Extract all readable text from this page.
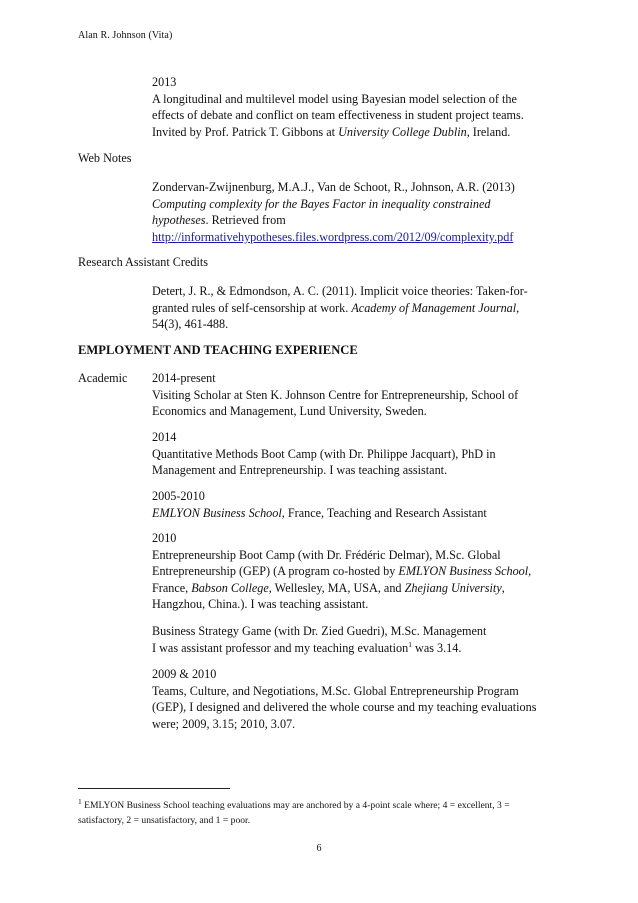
Alan R. Johnson (Vita)
2013
A longitudinal and multilevel model using Bayesian model selection of the
effects of debate and conflict on team effectiveness in student project teams.
Invited by Prof. Patrick T. Gibbons at University College Dublin, Ireland.
Web Notes
Zondervan-Zwijnenburg, M.A.J., Van de Schoot, R., Johnson, A.R. (2013)
Computing complexity for the Bayes Factor in inequality constrained
hypotheses. Retrieved from
http://informativehypotheses.files.wordpress.com/2012/09/complexity.pdf
Research Assistant Credits
Detert, J. R., & Edmondson, A. C. (2011). Implicit voice theories: Taken-for-
granted rules of self-censorship at work. Academy of Management Journal,
54(3), 461-488.
EMPLOYMENT AND TEACHING EXPERIENCE
Academic 2014-present
Visiting Scholar at Sten K. Johnson Centre for Entrepreneurship, School of
Economics and Management, Lund University, Sweden.
2014
Quantitative Methods Boot Camp (with Dr. Philippe Jacquart), PhD in
Management and Entrepreneurship. I was teaching assistant.
2005-2010
EMLYON Business School, France, Teaching and Research Assistant
2010
Entrepreneurship Boot Camp (with Dr. Frédéric Delmar), M.Sc. Global
Entrepreneurship (GEP) (A program co-hosted by EMLYON Business School,
France, Babson College, Wellesley, MA, USA, and Zhejiang University,
Hangzhou, China.). I was teaching assistant.
Business Strategy Game (with Dr. Zied Guedri), M.Sc. Management
I was assistant professor and my teaching evaluation$^1$ was 3.14.
2009 & 2010
Teams, Culture, and Negotiations, M.Sc. Global Entrepreneurship Program
(GEP), I designed and delivered the whole course and my teaching evaluations
were; 2009, 3.15; 2010, 3.07.
$^1$ EMLYON Business School teaching evaluations may are anchored by a 4-point scale where; 4 = excellent, 3 =
satisfactory, 2 = unsatisfactory, and 1 = poor.
6
